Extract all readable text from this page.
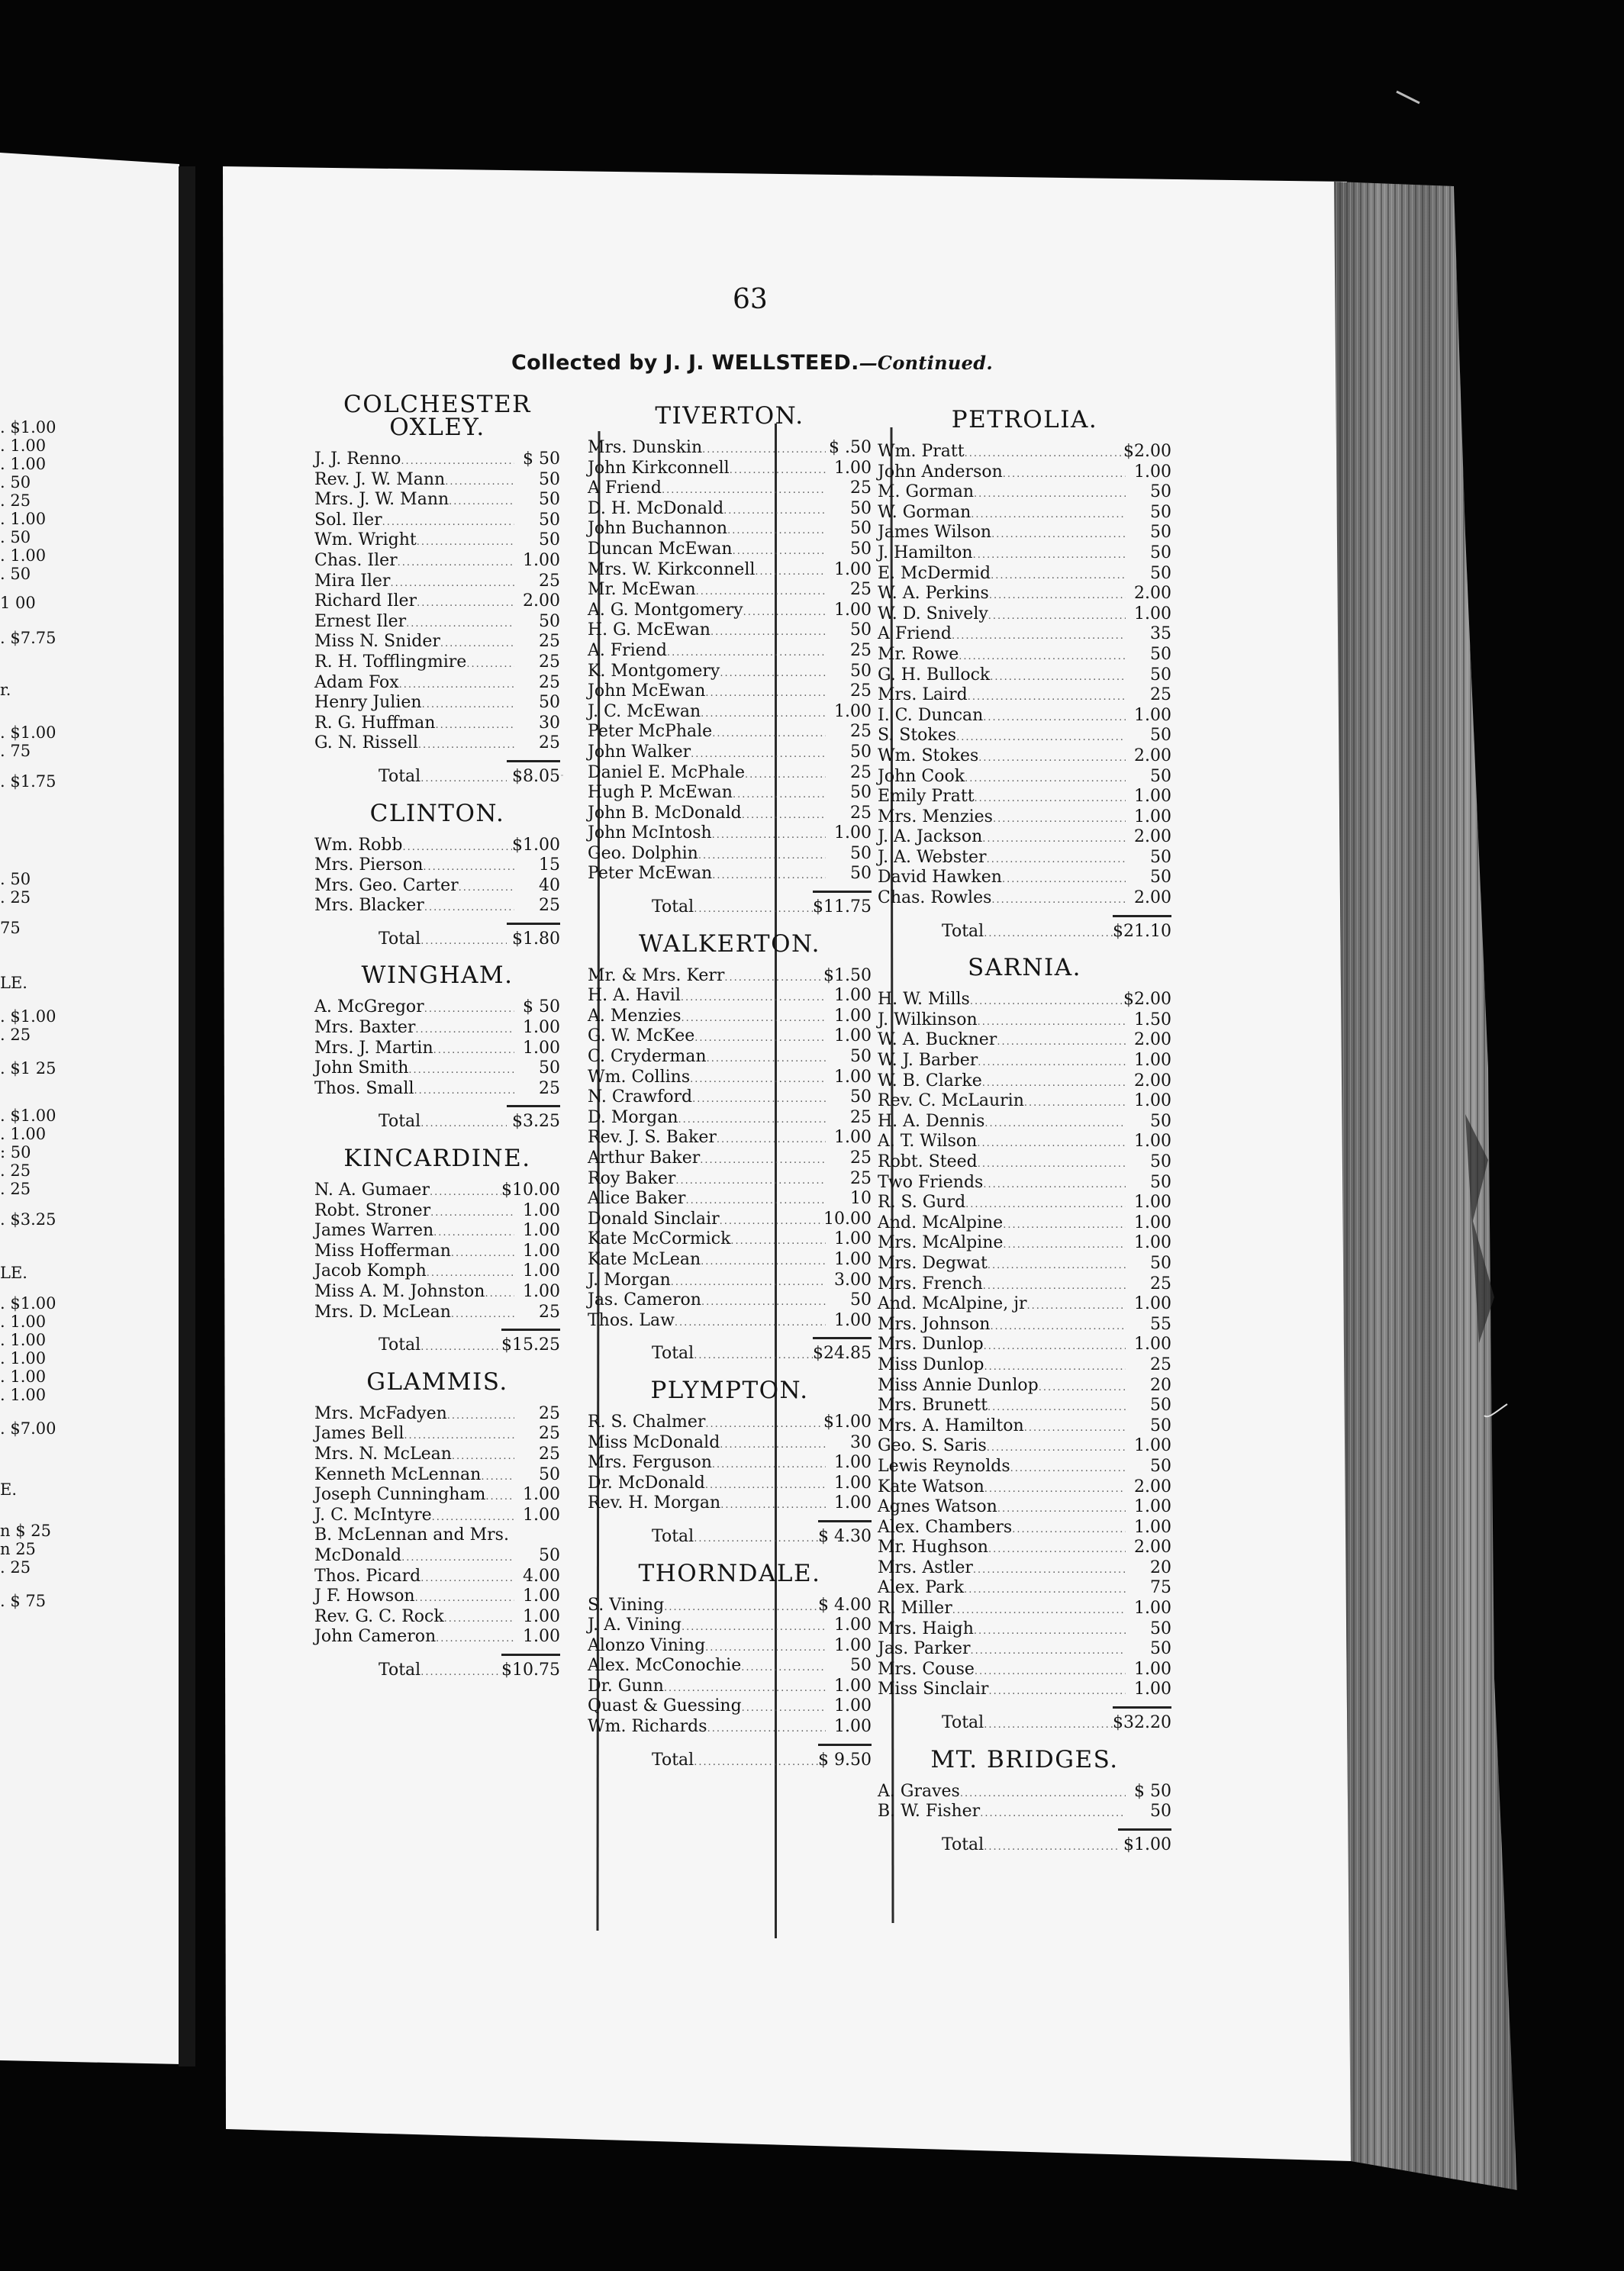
63
Collected by J. J. WELLSTEED.—Continued.
. $1.00
. 1.00
. 1.00
. 50
. 25
. 1.00
. 50
. 1.00
. 50
1 00
. $7.75
r.
. $1.00
. 75
. $1.75
. 50
. 25
75
LE.
. $1.00
. 25
. $1 25
. $1.00
. 1.00
: 50
. 25
. 25
. $3.25
LE.
. $1.00
. 1.00
. 1.00
. 1.00
. 1.00
. 1.00
. $7.00
E.
n $ 25
n 25
. 25
. $ 75
COLCHESTER OXLEY.
J. J. Renno .....	$ 50
Rev. J. W. Mann .....	50
Mrs. J. W. Mann .....	50
Sol. Iler .....	50
Wm. Wright .....	50
Chas. Iler .....	1.00
Mira Iler .....	25
Richard Iler .....	2.00
Ernest Iler .....	50
Miss N. Snider .....	25
R. H. Tofflingmire .....	25
Adam Fox .....	25
Henry Julien .....	50
R. G. Huffman .....	30
G. N. Rissell .....	25
Total .....	$8.05
CLINTON.
Wm. Robb .....	$1.00
Mrs. Pierson .....	15
Mrs. Geo. Carter .....	40
Mrs. Blacker .....	25
Total .....	$1.80
WINGHAM.
A. McGregor .....	$ 50
Mrs. Baxter .....	1.00
Mrs. J. Martin .....	1.00
John Smith .....	50
Thos. Small .....	25
Total .....	$3.25
KINCARDINE.
N. A. Gumaer .....	$10.00
Robt. Stroner .....	1.00
James Warren .....	1.00
Miss Hofferman .....	1.00
Jacob Komph .....	1.00
Miss A. M. Johnston .....	1.00
Mrs. D. McLean .....	25
Total .....	$15.25
GLAMMIS.
Mrs. McFadyen .....	25
James Bell .....	25
Mrs. N. McLean .....	25
Kenneth McLennan .....	50
Joseph Cunningham .....	1.00
J. C. McIntyre .....	1.00
B. McLennan and Mrs.
McDonald .....	50
Thos. Picard .....	4.00
J F. Howson .....	1.00
Rev. G. C. Rock .....	1.00
John Cameron .....	1.00
Total .....	$10.75
TIVERTON.
Mrs. Dunskin .....	$ .50
John Kirkconnell .....	1.00
A Friend .....	25
D. H. McDonald .....	50
John Buchannon .....	50
Duncan McEwan .....	50
Mrs. W. Kirkconnell .....	1.00
Mr. McEwan .....	25
A. G. Montgomery .....	1.00
H. G. McEwan .....	50
A. Friend .....	25
K. Montgomery .....	50
John McEwan .....	25
J. C. McEwan .....	1.00
Peter McPhale .....	25
John Walker .....	50
Daniel E. McPhale .....	25
Hugh P. McEwan .....	50
John B. McDonald .....	25
John McIntosh .....	1.00
Geo. Dolphin .....	50
Peter McEwan .....	50
Total .....	$11.75
WALKERTON.
Mr. & Mrs. Kerr .....	$1.50
H. A. Havil .....	1.00
A. Menzies .....	1.00
G. W. McKee .....	1.00
C. Cryderman .....	50
Wm. Collins .....	1.00
N. Crawford .....	50
D. Morgan .....	25
Rev. J. S. Baker .....	1.00
Arthur Baker .....	25
Roy Baker .....	25
Alice Baker .....	10
Donald Sinclair .....	10.00
Kate McCormick .....	1.00
Kate McLean .....	1.00
J. Morgan .....	3.00
Jas. Cameron .....	50
Thos. Law .....	1.00
Total .....	$24.85
PLYMPTON.
R. S. Chalmer .....	$1.00
Miss McDonald .....	30
Mrs. Ferguson .....	1.00
Dr. McDonald .....	1.00
Rev. H. Morgan .....	1.00
Total .....	$ 4.30
THORNDALE.
S. Vining .....	$ 4.00
J. A. Vining .....	1.00
Alonzo Vining .....	1.00
Alex. McConochie .....	50
Dr. Gunn .....	1.00
Quast & Guessing .....	1.00
Wm. Richards .....	1.00
Total .....	$ 9.50
PETROLIA.
Wm. Pratt .....	$2.00
John Anderson .....	1.00
M. Gorman .....	50
W. Gorman .....	50
James Wilson .....	50
J. Hamilton .....	50
E. McDermid .....	50
W. A. Perkins .....	2.00
W. D. Snively .....	1.00
A Friend .....	35
Mr. Rowe .....	50
G. H. Bullock .....	50
Mrs. Laird .....	25
I. C. Duncan .....	1.00
S. Stokes .....	50
Wm. Stokes .....	2.00
John Cook .....	50
Emily Pratt .....	1.00
Mrs. Menzies .....	1.00
J. A. Jackson .....	2.00
J. A. Webster .....	50
David Hawken .....	50
Chas. Rowles .....	2.00
Total .....	$21.10
SARNIA.
H. W. Mills .....	$2.00
J. Wilkinson .....	1.50
W. A. Buckner .....	2.00
W. J. Barber .....	1.00
W. B. Clarke .....	2.00
Rev. C. McLaurin .....	1.00
H. A. Dennis .....	50
A. T. Wilson .....	1.00
Robt. Steed .....	50
Two Friends .....	50
R. S. Gurd .....	1.00
And. McAlpine .....	1.00
Mrs. McAlpine .....	1.00
Mrs. Degwat .....	50
Mrs. French .....	25
And. McAlpine, jr .....	1.00
Mrs. Johnson .....	55
Mrs. Dunlop .....	1.00
Miss Dunlop .....	25
Miss Annie Dunlop .....	20
Mrs. Brunett .....	50
Mrs. A. Hamilton .....	50
Geo. S. Saris .....	1.00
Lewis Reynolds .....	50
Kate Watson .....	2.00
Agnes Watson .....	1.00
Alex. Chambers .....	1.00
Mr. Hughson .....	2.00
Mrs. Astler .....	20
Alex. Park .....	75
R. Miller .....	1.00
Mrs. Haigh .....	50
Jas. Parker .....	50
Mrs. Couse .....	1.00
Miss Sinclair .....	1.00
Total .....	$32.20
MT. BRIDGES.
A. Graves .....	$ 50
B. W. Fisher .....	50
Total .....	$1.00
